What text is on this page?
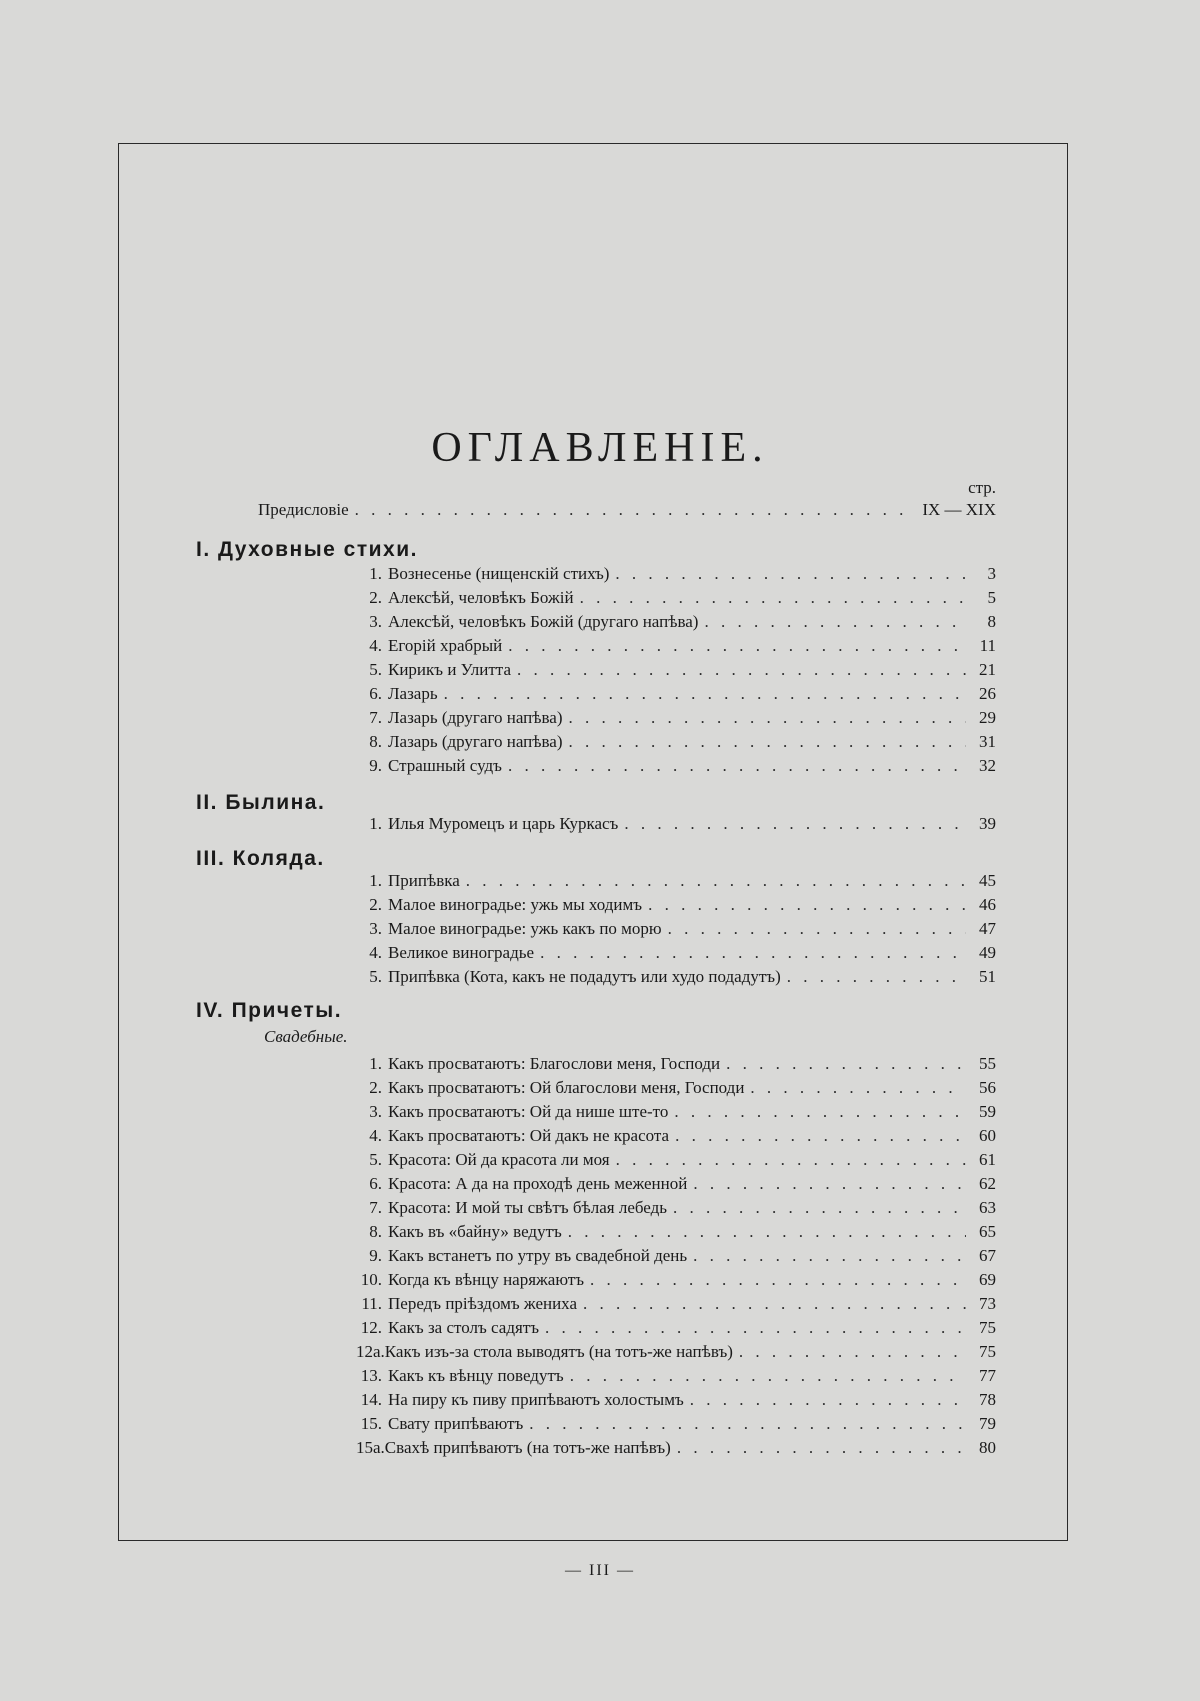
ОГЛАВЛЕНІЕ.
стр.
Предисловіе . . .	IX — XIX
I. Духовные стихи.
1. Вознесенье (нищенскій стихъ) . . .	3
2. Алексѣй, человѣкъ Божій . . .	5
3. Алексѣй, человѣкъ Божій (другаго напѣва) . . .	8
4. Егорій храбрый . . .	11
5. Кирикъ и Улитта . . .	21
6. Лазарь . . .	26
7. Лазарь (другаго напѣва) . . .	29
8. Лазарь (другаго напѣва) . . .	31
9. Страшный судъ . . .	32
II. Былина.
1. Илья Муромецъ и царь Куркасъ . . .	39
III. Коляда.
1. Припѣвка . . .	45
2. Малое виноградье: ужь мы ходимъ . . .	46
3. Малое виноградье: ужь какъ по морю . . .	47
4. Великое виноградье . . .	49
5. Припѣвка (Кота, какъ не подадутъ или худо подадутъ) . . .	51
IV. Причеты.
Свадебные.
1. Какъ просватаютъ: Благослови меня, Господи . . .	55
2. Какъ просватаютъ: Ой благослови меня, Господи . . .	56
3. Какъ просватаютъ: Ой да нише ште-то . . .	59
4. Какъ просватаютъ: Ой дакъ не красота . . .	60
5. Красота: Ой да красота ли моя . . .	61
6. Красота: А да на проходѣ день меженной . . .	62
7. Красота: И мой ты свѣтъ бѣлая лебедь . . .	63
8. Какъ въ «байну» ведутъ . . .	65
9. Какъ встанетъ по утру въ свадебной день . . .	67
10. Когда къ вѣнцу наряжаютъ . . .	69
11. Передъ пріѣздомъ жениха . . .	73
12. Какъ за столъ садятъ . . .	75
12а. Какъ изъ-за стола выводятъ (на тотъ-же напѣвъ) . . .	75
13. Какъ къ вѣнцу поведутъ . . .	77
14. На пиру къ пиву припѣваютъ холостымъ . . .	78
15. Свату припѣваютъ . . .	79
15а. Свахѣ припѣваютъ (на тотъ-же напѣвъ) . . .	80
— III —
